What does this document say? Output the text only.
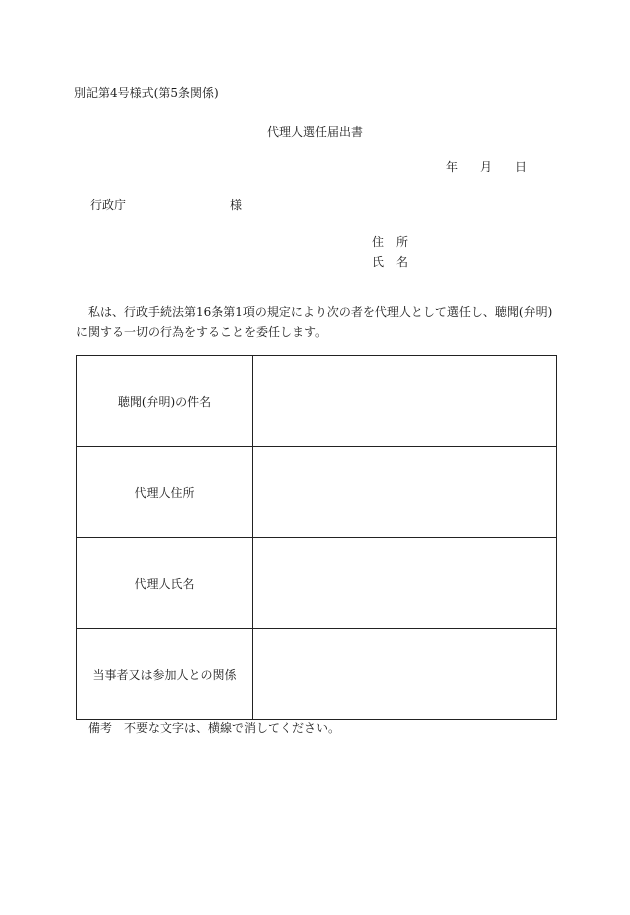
別記第4号様式(第5条関係)
代理人選任届出書
年 月 日
行政庁	様
住 所
氏 名

私は、行政手続法第16条第1項の規定により次の者を代理人として選任し、聴聞(弁明)

に関する一切の行為をすることを委任します。

聴聞(弁明)の件名	
代理人住所	
代理人氏名	
当事者又は参加人との関係	
備考 不要な文字は、横線で消してください。
